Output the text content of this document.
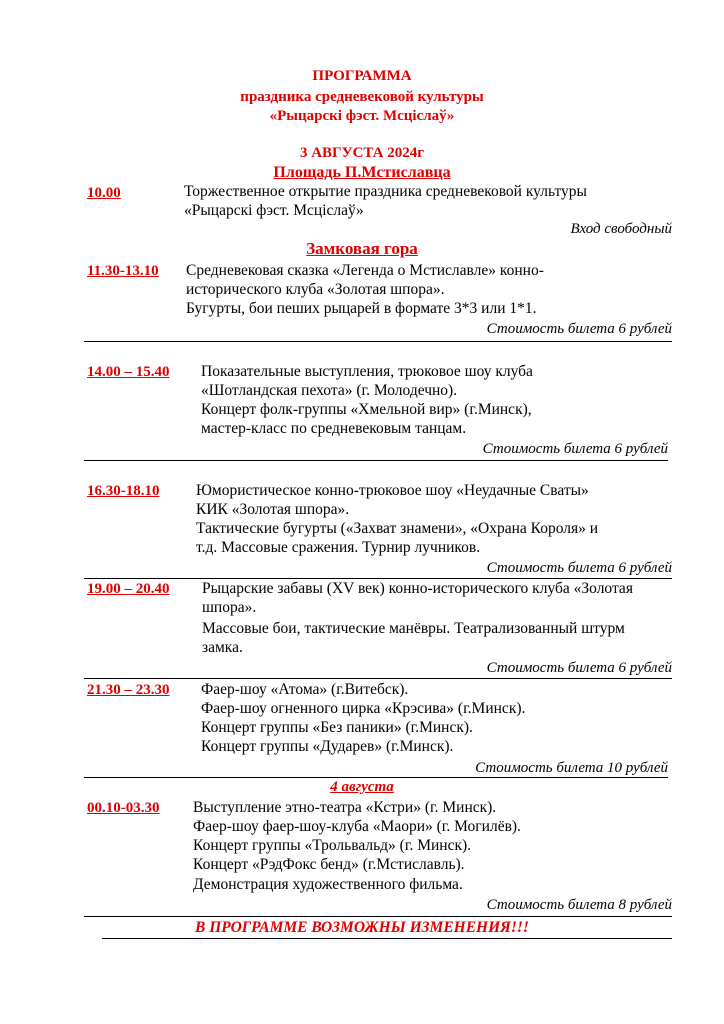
ПРОГРАММА
праздника средневековой культуры
«Рыцарскі фэст. Мсціслаў»
3 АВГУСТА 2024г
Площадь П.Мстиславца
10.00	Торжественное открытие праздника средневековой культуры
«Рыцарскі фэст. Мсціслаў»
Вход свободный
Замковая гора
11.30-13.10 Средневековая сказка «Легенда о Мстиславле» конно-
исторического клуба «Золотая шпора».
Бугурты, бои пеших рыцарей в формате 3*3 или 1*1.
Стоимость билета 6 рублей
14.00 – 15.40 Показательные выступления, трюковое шоу клуба
«Шотландская пехота» (г. Молодечно).
Концерт фолк-группы «Хмельной вир» (г.Минск),
мастер-класс по средневековым танцам.
Стоимость билета 6 рублей
16.30-18.10 Юмористическое конно-трюковое шоу «Неудачные Сваты»
КИК «Золотая шпора».
Тактические бугурты («Захват знамени», «Охрана Короля» и
т.д. Массовые сражения. Турнир лучников.
Стоимость билета 6 рублей
19.00 – 20.40 Рыцарские забавы (XV век) конно-исторического клуба «Золотая
шпора».
Массовые бои, тактические манёвры. Театрализованный штурм
замка.
Стоимость билета 6 рублей
21.30 – 23.30 Фаер-шоу «Атома» (г.Витебск).
Фаер-шоу огненного цирка «Крэсива» (г.Минск).
Концерт группы «Без паники» (г.Минск).
Концерт группы «Дударев» (г.Минск).
Стоимость билета 10 рублей
4 августа
00.10-03.30 Выступление этно-театра «Кстри» (г. Минск).
Фаер-шоу фаер-шоу-клуба «Маори» (г. Могилёв).
Концерт группы «Трольвальд» (г. Минск).
Концерт «РэдФокс бенд» (г.Мстиславль).
Демонстрация художественного фильма.
Стоимость билета 8 рублей
В ПРОГРАММЕ ВОЗМОЖНЫ ИЗМЕНЕНИЯ!!!
